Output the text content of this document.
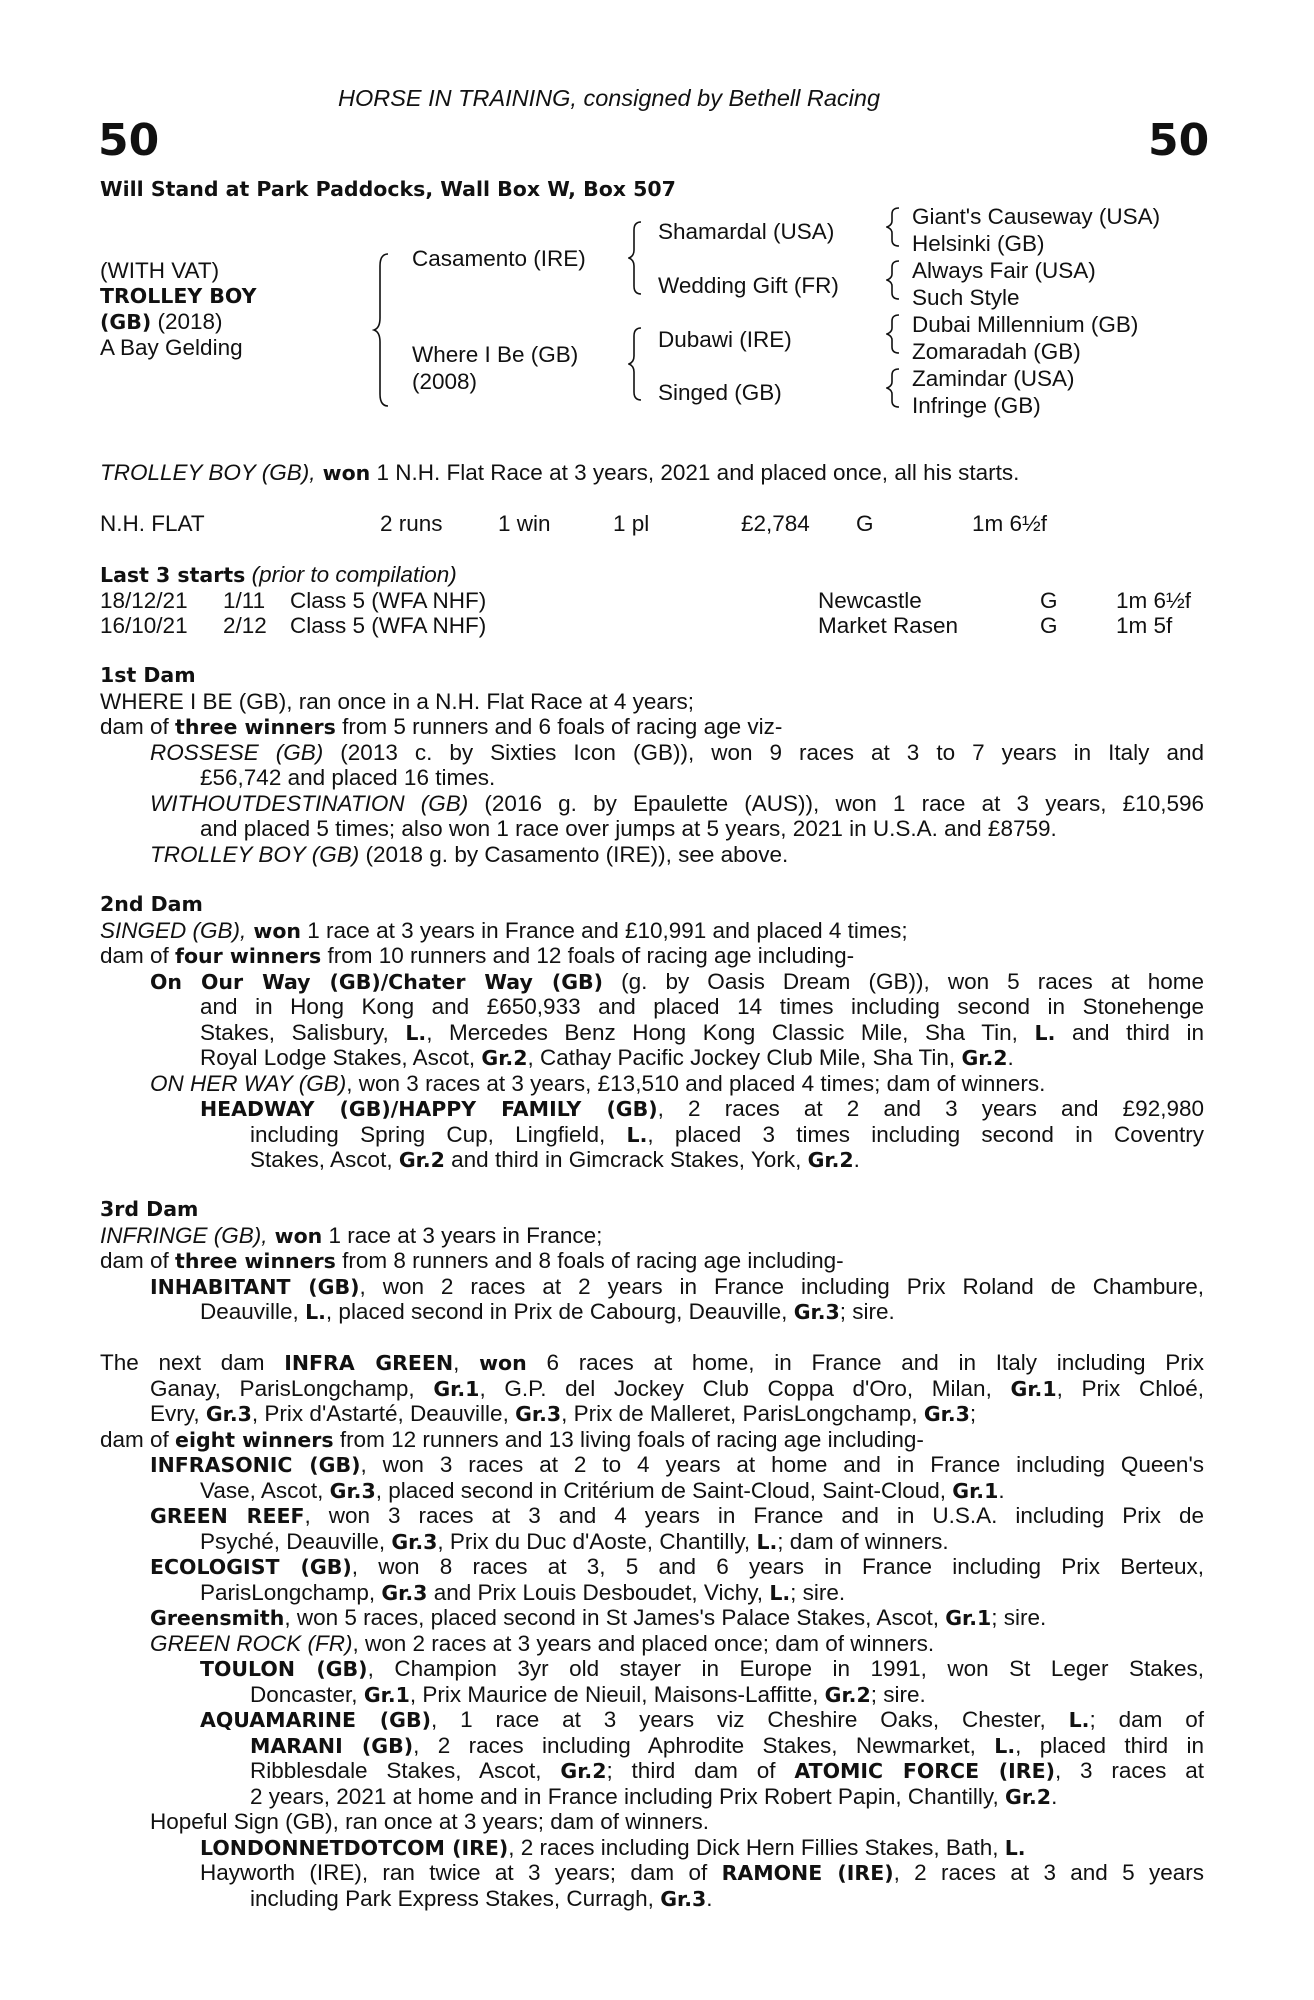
HORSE IN TRAINING, consigned by Bethell Racing
50	50
Will Stand at Park Paddocks, Wall Box W, Box 507
(WITH VAT)
TROLLEY BOY
(GB) (2018)
A Bay Gelding
Casamento (IRE)
Where I Be (GB)
(2008)
Shamardal (USA)
Wedding Gift (FR)
Dubawi (IRE)
Singed (GB)
Giant's Causeway (USA)
Helsinki (GB)
Always Fair (USA)
Such Style
Dubai Millennium (GB)
Zomaradah (GB)
Zamindar (USA)
Infringe (GB)
TROLLEY BOY (GB), won 1 N.H. Flat Race at 3 years, 2021 and placed once, all his starts.
N.H. FLAT	2 runs 1 win	1 pl	£2,784 G	1m 6½f
Last 3 starts (prior to compilation)
18/12/21 1/11 Class 5 (WFA NHF)	Newcastle	G	1m 6½f
16/10/21 2/12 Class 5 (WFA NHF)	Market Rasen	G	1m 5f
1st Dam
WHERE I BE (GB), ran once in a N.H. Flat Race at 4 years;
dam of three winners from 5 runners and 6 foals of racing age viz-
ROSSESE (GB) (2013 c. by Sixties Icon (GB)), won 9 races at 3 to 7 years in Italy and
£56,742 and placed 16 times.
WITHOUTDESTINATION (GB) (2016 g. by Epaulette (AUS)), won 1 race at 3 years, £10,596
and placed 5 times; also won 1 race over jumps at 5 years, 2021 in U.S.A. and £8759.
TROLLEY BOY (GB) (2018 g. by Casamento (IRE)), see above.
2nd Dam
SINGED (GB), won 1 race at 3 years in France and £10,991 and placed 4 times;
dam of four winners from 10 runners and 12 foals of racing age including-
On Our Way (GB)/Chater Way (GB) (g. by Oasis Dream (GB)), won 5 races at home
and in Hong Kong and £650,933 and placed 14 times including second in Stonehenge
Stakes, Salisbury, L., Mercedes Benz Hong Kong Classic Mile, Sha Tin, L. and third in
Royal Lodge Stakes, Ascot, Gr.2, Cathay Pacific Jockey Club Mile, Sha Tin, Gr.2.
ON HER WAY (GB), won 3 races at 3 years, £13,510 and placed 4 times; dam of winners.
HEADWAY (GB)/HAPPY FAMILY (GB), 2 races at 2 and 3 years and £92,980
including Spring Cup, Lingfield, L., placed 3 times including second in Coventry
Stakes, Ascot, Gr.2 and third in Gimcrack Stakes, York, Gr.2.
3rd Dam
INFRINGE (GB), won 1 race at 3 years in France;
dam of three winners from 8 runners and 8 foals of racing age including-
INHABITANT (GB), won 2 races at 2 years in France including Prix Roland de Chambure,
Deauville, L., placed second in Prix de Cabourg, Deauville, Gr.3; sire.
The next dam INFRA GREEN, won 6 races at home, in France and in Italy including Prix
Ganay, ParisLongchamp, Gr.1, G.P. del Jockey Club Coppa d'Oro, Milan, Gr.1, Prix Chloé,
Evry, Gr.3, Prix d'Astarté, Deauville, Gr.3, Prix de Malleret, ParisLongchamp, Gr.3;
dam of eight winners from 12 runners and 13 living foals of racing age including-
INFRASONIC (GB), won 3 races at 2 to 4 years at home and in France including Queen's
Vase, Ascot, Gr.3, placed second in Critérium de Saint-Cloud, Saint-Cloud, Gr.1.
GREEN REEF, won 3 races at 3 and 4 years in France and in U.S.A. including Prix de
Psyché, Deauville, Gr.3, Prix du Duc d'Aoste, Chantilly, L.; dam of winners.
ECOLOGIST (GB), won 8 races at 3, 5 and 6 years in France including Prix Berteux,
ParisLongchamp, Gr.3 and Prix Louis Desboudet, Vichy, L.; sire.
Greensmith, won 5 races, placed second in St James's Palace Stakes, Ascot, Gr.1; sire.
GREEN ROCK (FR), won 2 races at 3 years and placed once; dam of winners.
TOULON (GB), Champion 3yr old stayer in Europe in 1991, won St Leger Stakes,
Doncaster, Gr.1, Prix Maurice de Nieuil, Maisons-Laffitte, Gr.2; sire.
AQUAMARINE (GB), 1 race at 3 years viz Cheshire Oaks, Chester, L.; dam of
MARANI (GB), 2 races including Aphrodite Stakes, Newmarket, L., placed third in
Ribblesdale Stakes, Ascot, Gr.2; third dam of ATOMIC FORCE (IRE), 3 races at
2 years, 2021 at home and in France including Prix Robert Papin, Chantilly, Gr.2.
Hopeful Sign (GB), ran once at 3 years; dam of winners.
LONDONNETDOTCOM (IRE), 2 races including Dick Hern Fillies Stakes, Bath, L.
Hayworth (IRE), ran twice at 3 years; dam of RAMONE (IRE), 2 races at 3 and 5 years
including Park Express Stakes, Curragh, Gr.3.
